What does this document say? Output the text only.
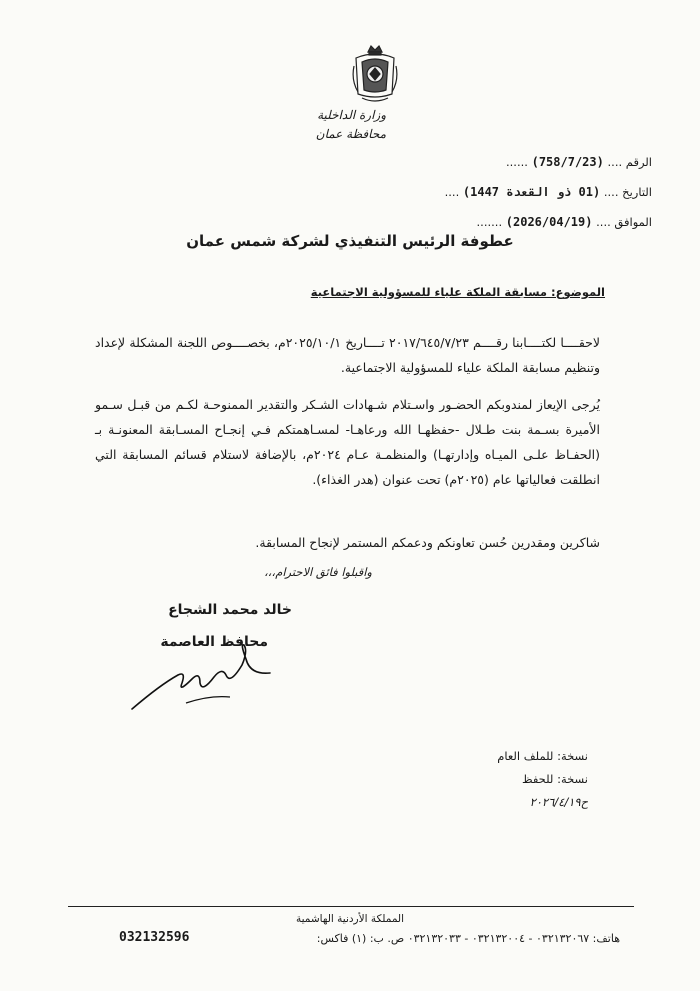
وزارة الداخلية
محافظة عمان
الرقم .... (758/7/23) ......
التاريخ .... (01 ذو القعدة 1447) ....
الموافق .... (2026/04/19) .......
عطوفة الرئيس التنفيذي لشركة شمس عمان
الموضوع: مسابقة الملكة علياء للمسؤولية الاجتماعية
لاحقــــا لكتــــابنا رقــــم ٢٠١٧/٦٤٥/٧/٢٣ تــــاريخ ٢٠٢٥/١٠/١م، بخصــــوص اللجنة المشكلة لإعداد وتنظيم مسابقة الملكة علياء للمسؤولية الاجتماعية.
يُرجى الإيعاز لمندوبكم الحضـور واسـتلام شـهادات الشـكر والتقدير الممنوحـة لكـم من قبـل سـمو الأميرة بسـمة بنت طـلال -حفظهـا الله ورعاهـا- لمسـاهمتكم فـي إنجـاح المسـابقة المعنونـة بـ (الحفـاظ علـى الميـاه وإدارتهـا) والمنظمـة عـام ٢٠٢٤م، بالإضافة لاستلام قسائم المسابقة التي انطلقت فعالياتها عام (٢٠٢٥م) تحت عنوان (هدر الغذاء).
شاكرين ومقدرين حُسن تعاونكم ودعمكم المستمر لإنجاح المسابقة.
واقبلوا فائق الاحترام،،،
خالد محمد الشجاع
محافظ العاصمة
نسخة: للملف العام
نسخة: للحفظ
ح٢٠٢٦/٤/١٩
المملكة الأردنية الهاشمية
هاتف: ٠٣٢١٣٢٠٦٧ - ٠٣٢١٣٢٠٠٤ - ٠٣٢١٣٢٠٣٣ ص. ب: (١) فاكس:
032132596
